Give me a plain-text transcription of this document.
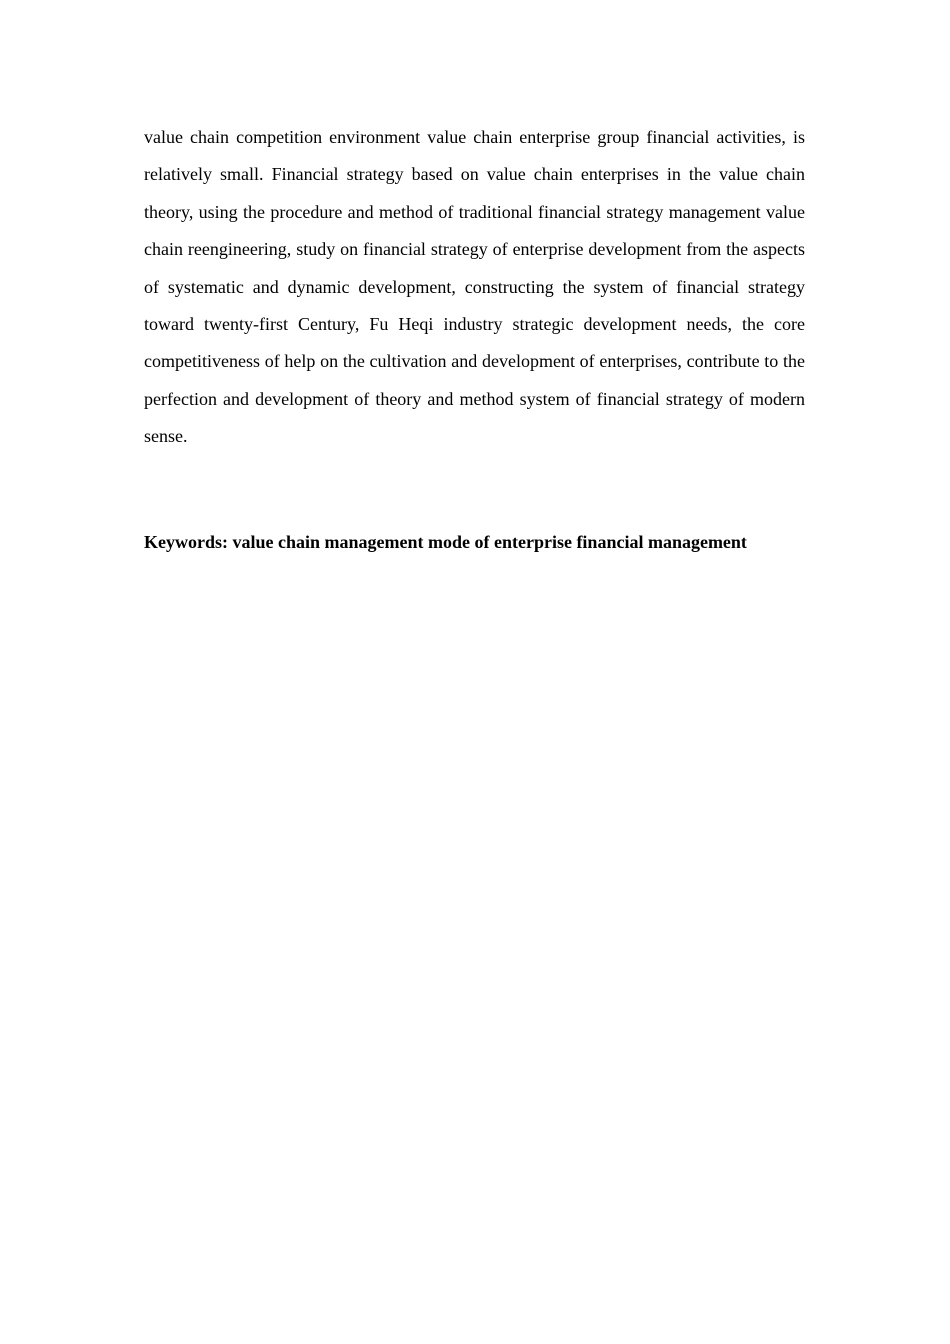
value chain competition environment value chain enterprise group financial activities, is relatively small. Financial strategy based on value chain enterprises in the value chain theory, using the procedure and method of traditional financial strategy management value chain reengineering, study on financial strategy of enterprise development from the aspects of systematic and dynamic development, constructing the system of financial strategy toward twenty-first Century, Fu Heqi industry strategic development needs, the core competitiveness of help on the cultivation and development of enterprises, contribute to the perfection and development of theory and method system of financial strategy of modern sense.

Keywords: value chain management mode of enterprise financial management
